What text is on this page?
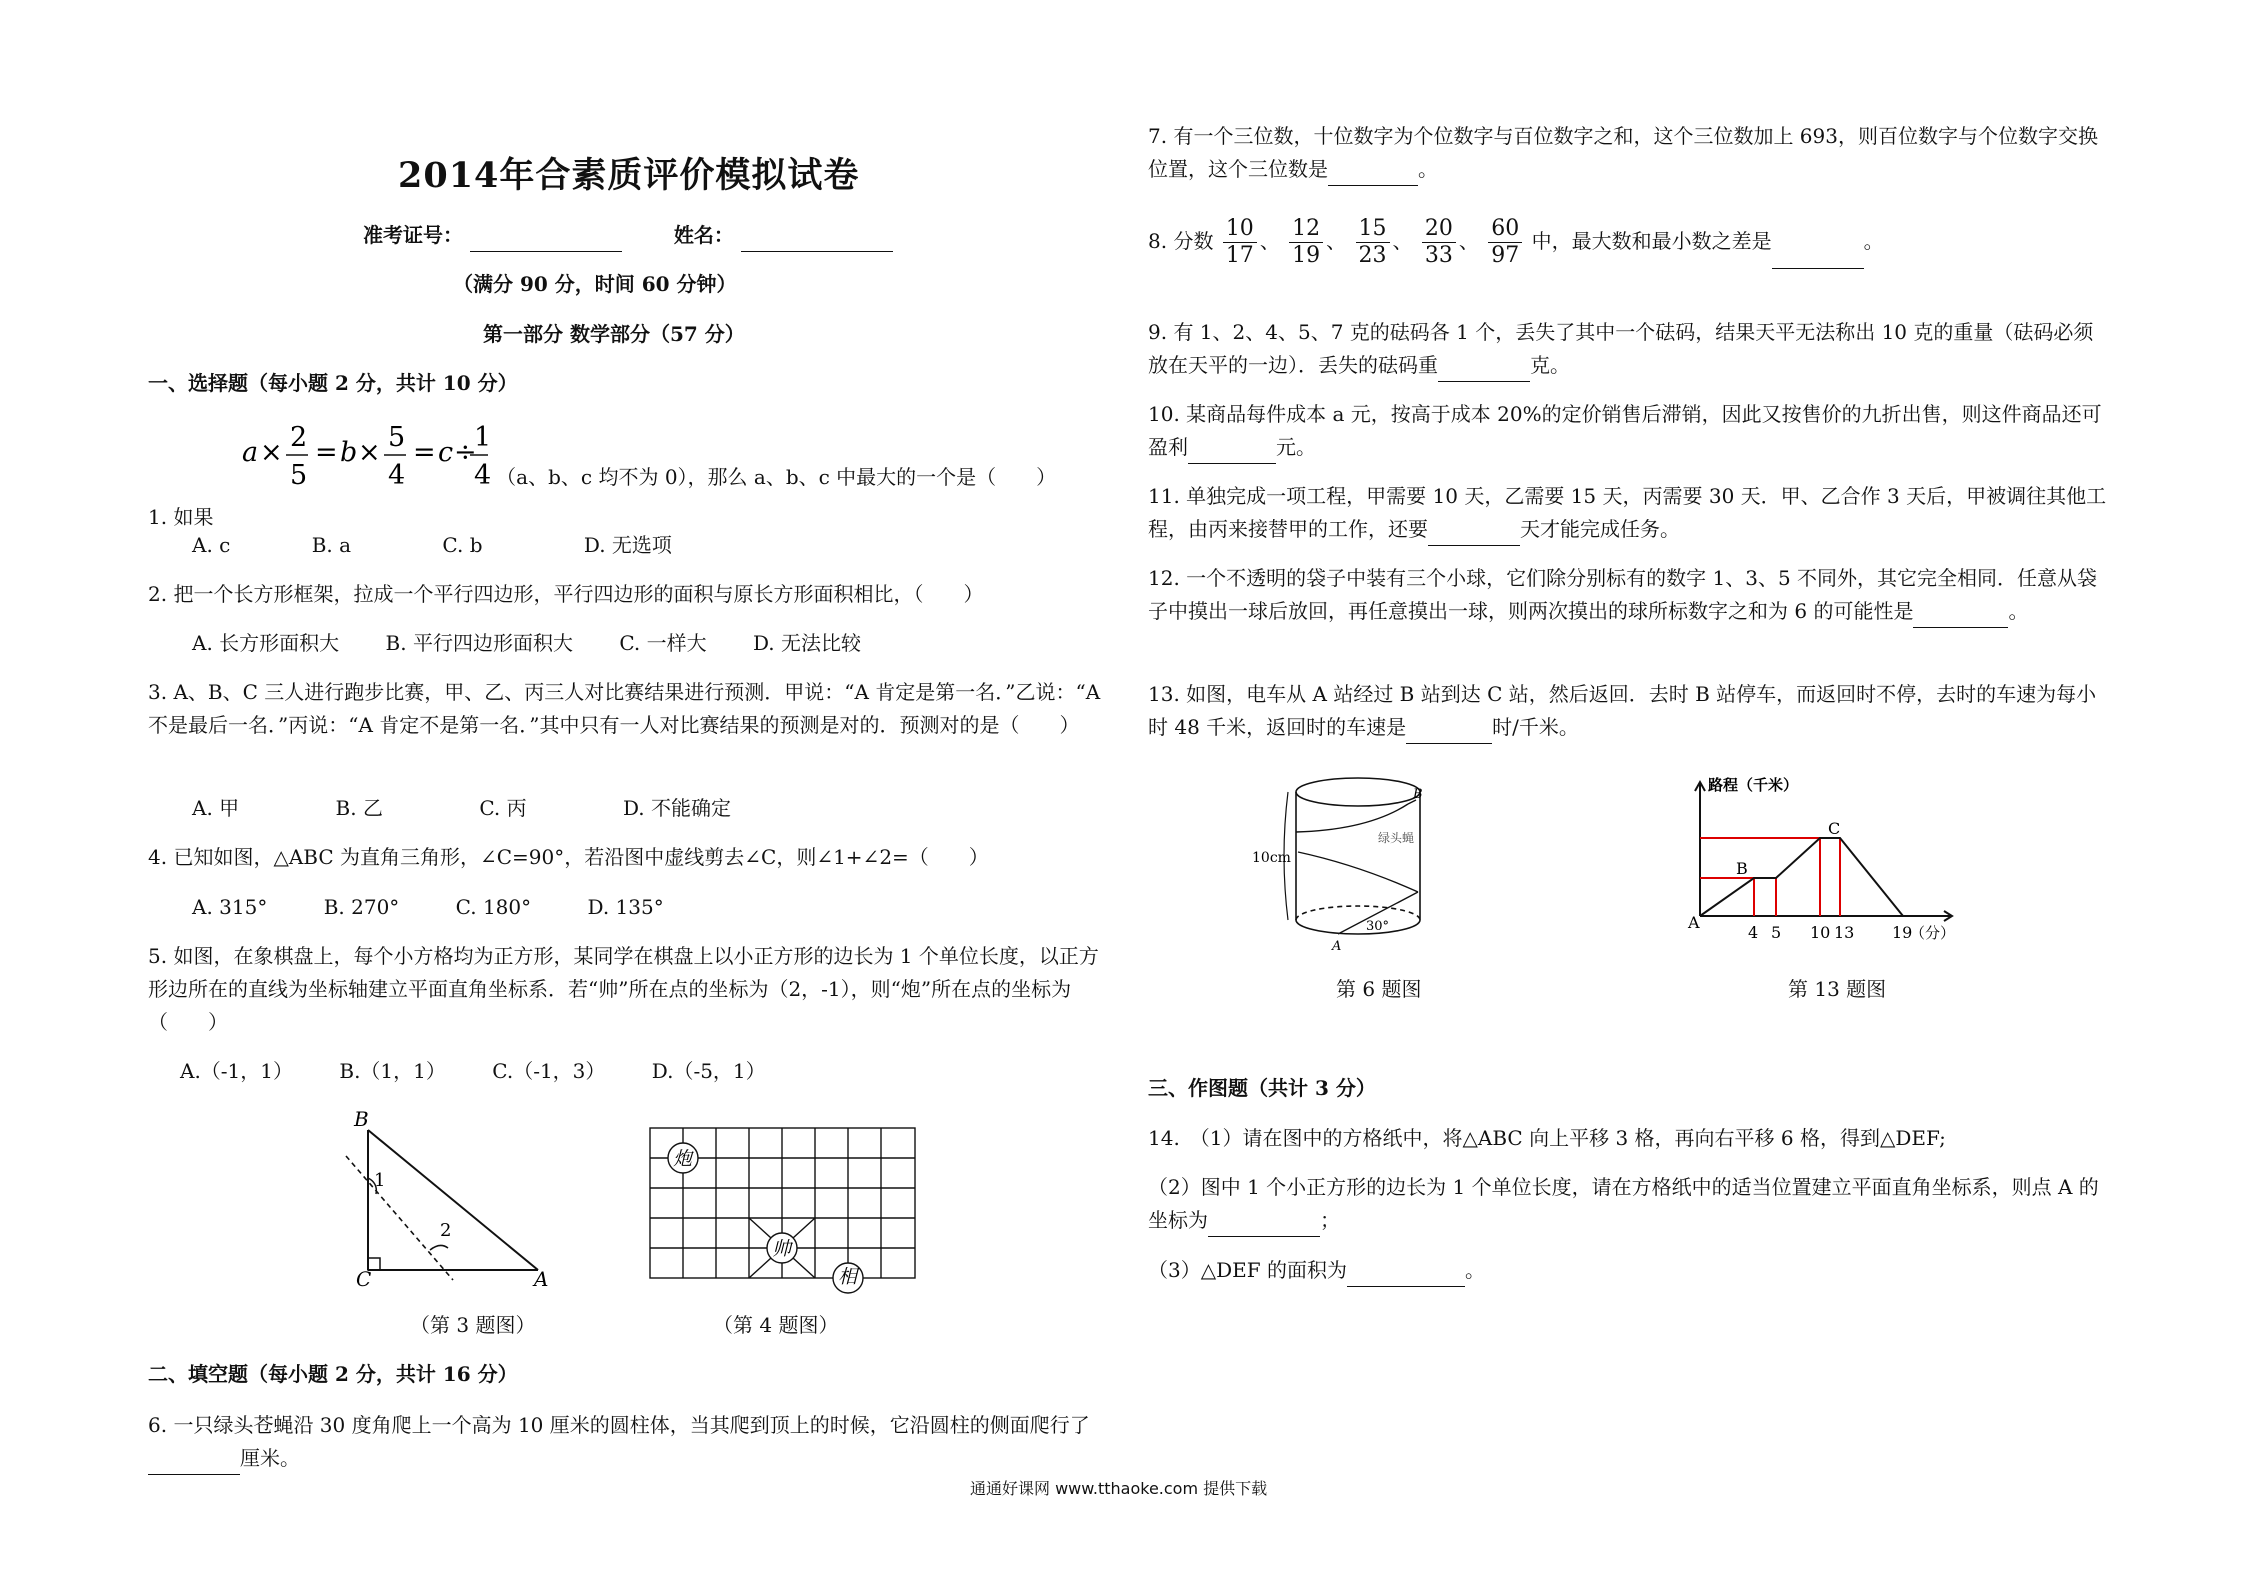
2014年合素质评价模拟试卷
准考证号：	姓名：
（满分 90 分，时间 60 分钟）
第一部分 数学部分（57 分）
一、选择题（每小题 2 分，共计 10 分）
1. 如果
a × 2
5
= b × 5
4
= c ÷
1
4 （a、b、c 均不为 0），那么 a、b、c 中最大的一个是（　　）
A. c	B. a	C. b	D. 无选项
2. 把一个长方形框架，拉成一个平行四边形，平行四边形的面积与原长方形面积相比，（　　）
A. 长方形面积大 B. 平行四边形面积大 C. 一样大 D. 无法比较
3. A、B、C 三人进行跑步比赛，甲、乙、丙三人对比赛结果进行预测．甲说：“A 肯定是第一名．”乙说：“A 不是最后一名．”丙说：“A 肯定不是第一名．”其中只有一人对比赛结果的预测是对的．预测对的是（　　）
A. 甲	B. 乙	C. 丙	D. 不能确定
4. 已知如图，△ABC 为直角三角形，∠C=90°，若沿图中虚线剪去∠C，则∠1+∠2=（　　）
A. 315°	B. 270°	C. 180°	D. 135°
5. 如图，在象棋盘上，每个小方格均为正方形，某同学在棋盘上以小正方形的边长为 1 个单位长度，以正方形边所在的直线为坐标轴建立平面直角坐标系．若“帅”所在点的坐标为（2，-1），则“炮”所在点的坐标为（　　）
A.（-1，1） B.（1，1） C.（-1，3） D.（-5，1）
B
1
2
C	A
炮
帅
相
（第 3 题图）	（第 4 题图）
二、填空题（每小题 2 分，共计 16 分）
6. 一只绿头苍蝇沿 30 度角爬上一个高为 10 厘米的圆柱体，当其爬到顶上的时候，它沿圆柱的侧面爬行了厘米。
7. 有一个三位数，十位数字为个位数字与百位数字之和，这个三位数加上 693，则百位数字与个位数字交换位置，这个三位数是	。
8. 分数 $\frac{10}{17}$ 、 $\frac{12}{19}$ 、 $\frac{15}{23}$ 、 $\frac{20}{33}$ 、 $\frac{60}{97}$ 中，最大数和最小数之差是	。
9. 有 1、2、4、5、7 克的砝码各 1 个，丢失了其中一个砝码，结果天平无法称出 10 克的重量（砝码必须放在天平的一边）．丢失的砝码重	克。
10. 某商品每件成本 a 元，按高于成本 20%的定价销售后滞销，因此又按售价的九折出售，则这件商品还可盈利	元。
11. 单独完成一项工程，甲需要 10 天，乙需要 15 天，丙需要 30 天．甲、乙合作 3 天后，甲被调往其他工程，由丙来接替甲的工作，还要	天才能完成任务。
12. 一个不透明的袋子中装有三个小球，它们除分别标有的数字 1、3、5 不同外，其它完全相同．任意从袋子中摸出一球后放回，再任意摸出一球，则两次摸出的球所标数字之和为 6 的可能性是	。
13. 如图，电车从 A 站经过 B 站到达 C 站，然后返回．去时 B 站停车，而返回时不停，去时的车速为每小时 48 千米，返回时的车速是	时/千米。
10cm
30°
B
A
绿头蝇
路程（千米）
A
B
C
4 5 10 13 19
（分）
第 6 题图	第 13 题图
三、作图题（共计 3 分）
14.　（1）请在图中的方格纸中，将△ABC 向上平移 3 格，再向右平移 6 格，得到△DEF;
（2）图中 1 个小正方形的边长为 1 个单位长度，请在方格纸中的适当位置建立平面直角坐标系，则点 A 的坐标为	；
（3）△DEF 的面积为	。
通通好课网 www.tthaoke.com 提供下载
